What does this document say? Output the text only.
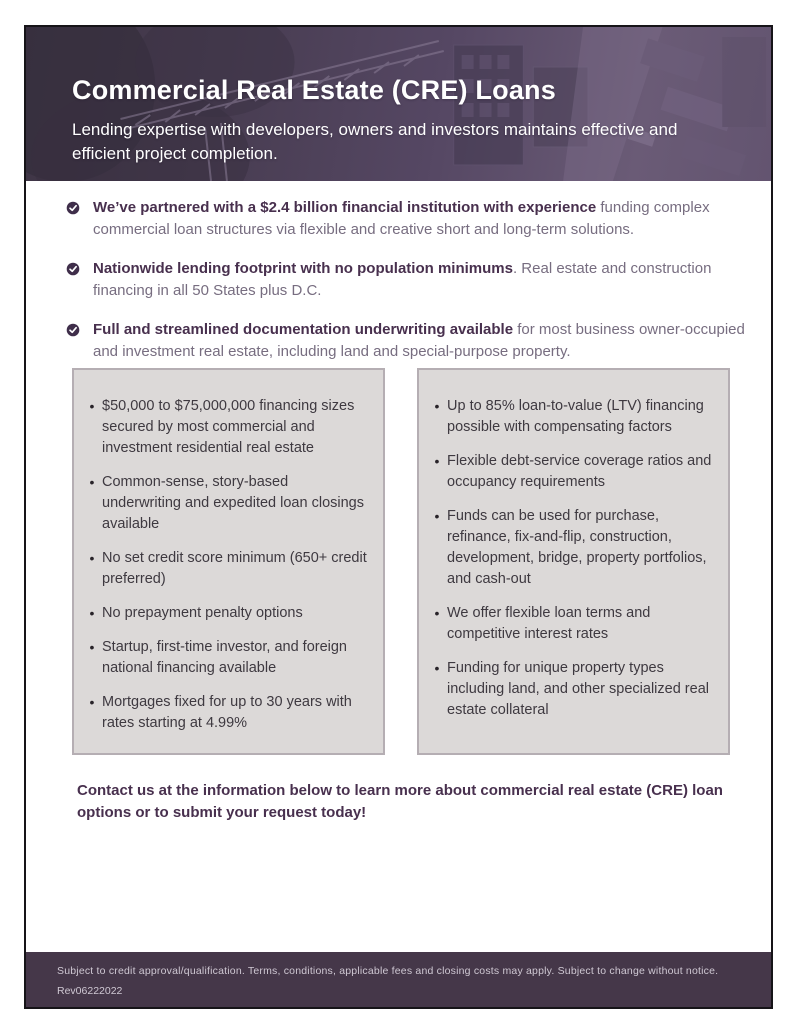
Commercial Real Estate (CRE) Loans
Lending expertise with developers, owners and investors maintains effective and efficient project completion.
We’ve partnered with a $2.4 billion financial institution with experience funding complex commercial loan structures via flexible and creative short and long-term solutions.
Nationwide lending footprint with no population minimums. Real estate and construction financing in all 50 States plus D.C.
Full and streamlined documentation underwriting available for most business owner-occupied and investment real estate, including land and special-purpose property.
• $50,000 to $75,000,000 financing sizes secured by most commercial and investment residential real estate
• Common-sense, story-based underwriting and expedited loan closings available
• No set credit score minimum (650+ credit preferred)
• No prepayment penalty options
• Startup, first-time investor, and foreign national financing available
• Mortgages fixed for up to 30 years with rates starting at 4.99%
• Up to 85% loan-to-value (LTV) financing possible with compensating factors
• Flexible debt-service coverage ratios and occupancy requirements
• Funds can be used for purchase, refinance, fix-and-flip, construction, development, bridge, property portfolios, and cash-out
• We offer flexible loan terms and competitive interest rates
• Funding for unique property types including land, and other specialized real estate collateral
Contact us at the information below to learn more about commercial real estate (CRE) loan options or to submit your request today!
Subject to credit approval/qualification. Terms, conditions, applicable fees and closing costs may apply. Subject to change without notice.
Rev06222022
